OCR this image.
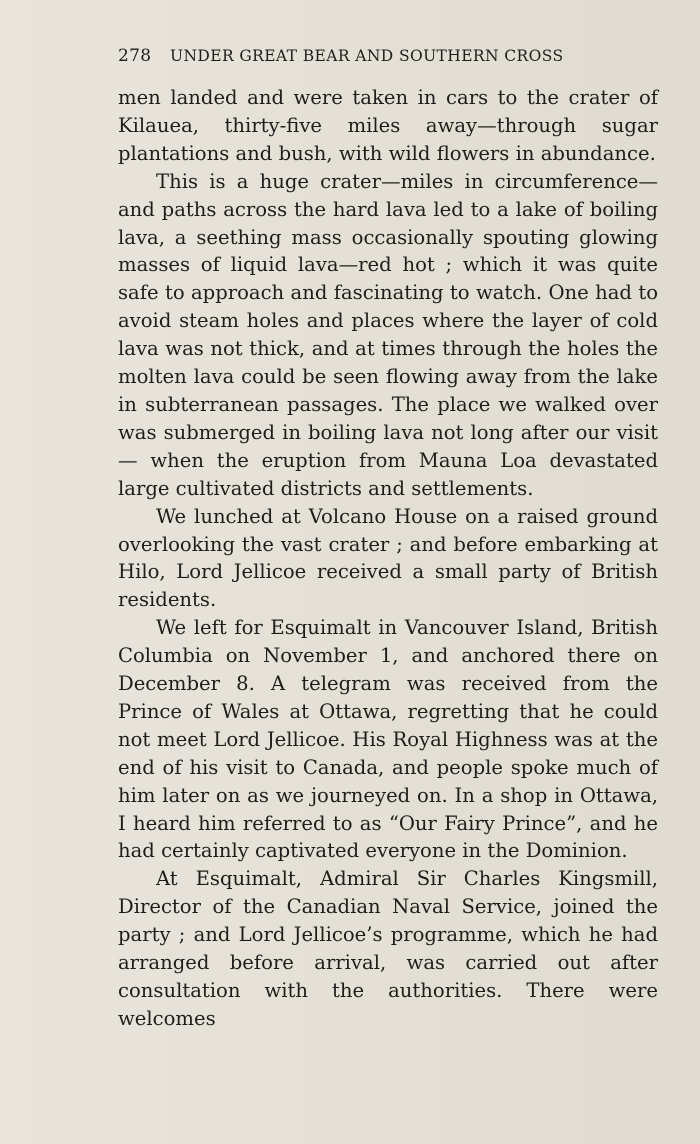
278	UNDER GREAT BEAR AND SOUTHERN CROSS

men landed and were taken in cars to the crater of Kilauea, thirty-five miles away—through sugar plantations and bush, with wild flowers in abundance.

This is a huge crater—miles in circumference— and paths across the hard lava led to a lake of boiling lava, a seething mass occasionally spouting glowing masses of liquid lava—red hot ; which it was quite safe to approach and fascinating to watch. One had to avoid steam holes and places where the layer of cold lava was not thick, and at times through the holes the molten lava could be seen flowing away from the lake in subterranean passages. The place we walked over was submerged in boiling lava not long after our visit— when the eruption from Mauna Loa devastated large cultivated districts and settlements.

We lunched at Volcano House on a raised ground overlooking the vast crater ; and before embarking at Hilo, Lord Jellicoe received a small party of British residents.

We left for Esquimalt in Vancouver Island, British Columbia on November 1, and anchored there on December 8. A telegram was received from the Prince of Wales at Ottawa, regretting that he could not meet Lord Jellicoe. His Royal Highness was at the end of his visit to Canada, and people spoke much of him later on as we journeyed on. In a shop in Ottawa, I heard him referred to as “Our Fairy Prince”, and he had certainly captivated everyone in the Dominion.

At Esquimalt, Admiral Sir Charles Kingsmill, Director of the Canadian Naval Service, joined the party ; and Lord Jellicoe’s programme, which he had arranged before arrival, was carried out after consultation with the authorities. There were welcomes
